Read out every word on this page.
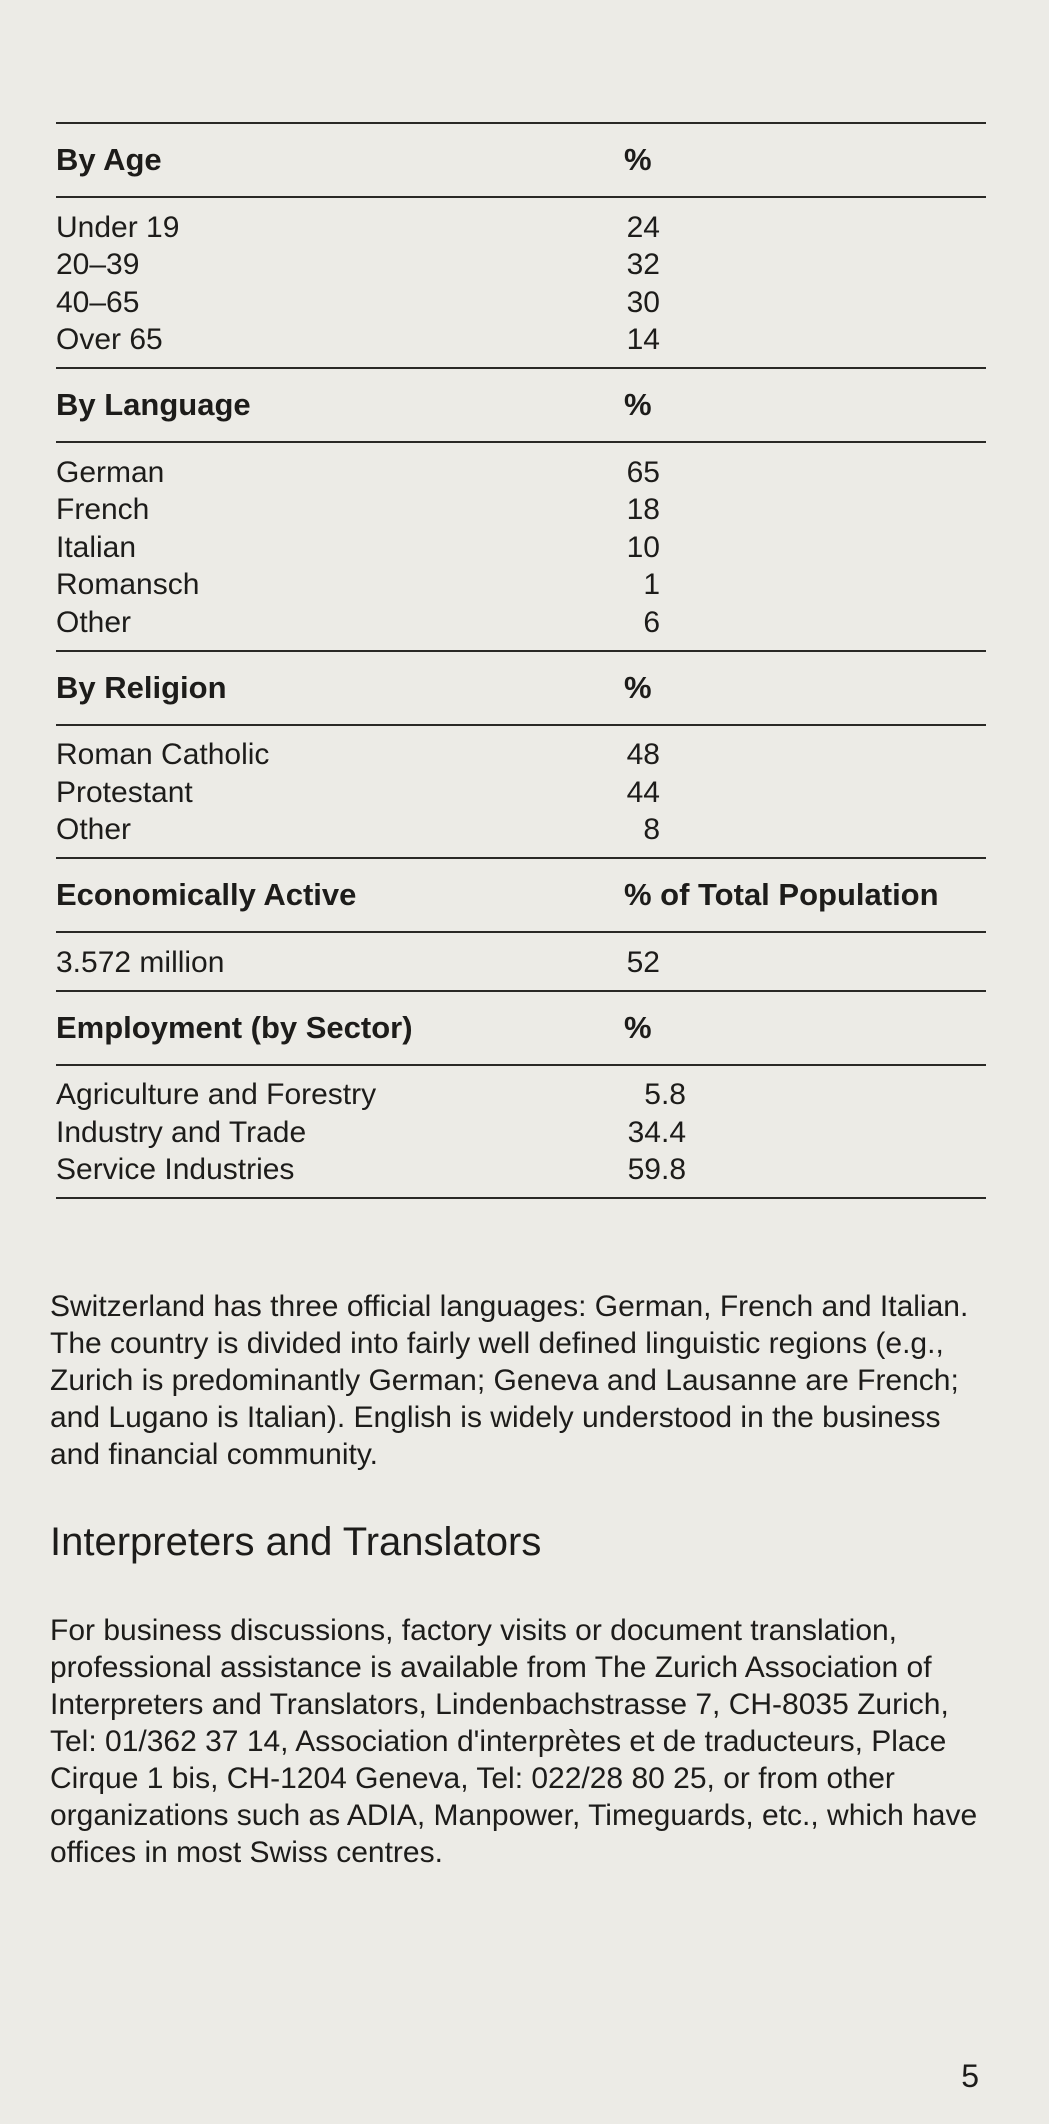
By Age	%
Under 19	24
20–39	32
40–65	30
Over 65	14
By Language	%
German	65
French	18
Italian	10
Romansch	1
Other	6
By Religion	%
Roman Catholic	48
Protestant	44
Other	8
Economically Active	% of Total Population
3.572 million	52
Employment (by Sector)	%
Agriculture and Forestry	5.8
Industry and Trade	34.4
Service Industries	59.8

Switzerland has three official languages: German, French and Italian. The country is divided into fairly well defined linguistic regions (e.g., Zurich is predominantly German; Geneva and Lausanne are French; and Lugano is Italian). English is widely understood in the business and financial community.

Interpreters and Translators

For business discussions, factory visits or document translation, professional assistance is available from The Zurich Association of Interpreters and Translators, Lindenbachstrasse 7, CH-8035 Zurich, Tel: 01/362 37 14, Association d'interprètes et de traducteurs, Place Cirque 1 bis, CH-1204 Geneva, Tel: 022/28 80 25, or from other organizations such as ADIA, Manpower, Timeguards, etc., which have offices in most Swiss centres.

5
